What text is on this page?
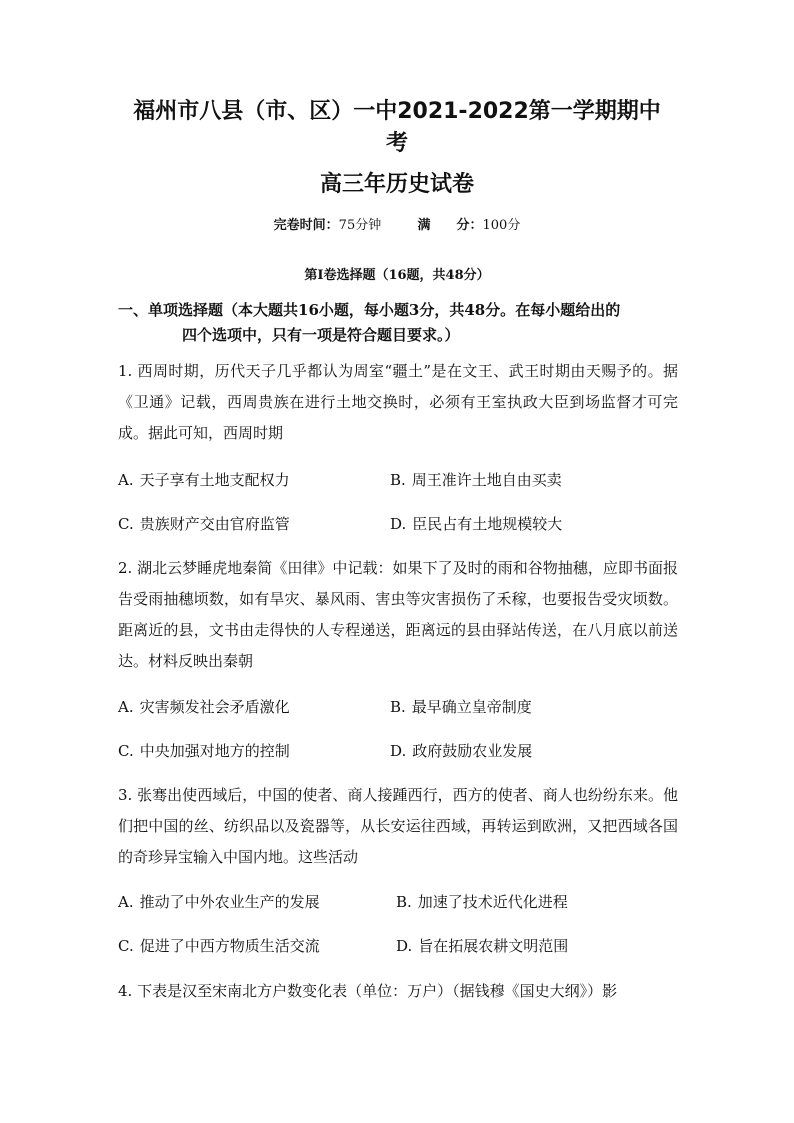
福州市八县（市、区）一中2021-2022第一学期期中
考
高三年历史试卷
完卷时间：75分钟	满　　分：100分
第Ⅰ卷选择题（16题，共48分）
一、单项选择题（本大题共16小题，每小题3分，共48分。在每小题给出的
四个选项中，只有一项是符合题目要求。）
1. 西周时期，历代天子几乎都认为周室“疆土”是在文王、武王时期由天赐予的。据《卫通》记载，西周贵族在进行土地交换时，必须有王室执政大臣到场监督才可完成。据此可知，西周时期
A. 天子享有土地支配权力	B. 周王准许土地自由买卖
C. 贵族财产交由官府监管	D. 臣民占有土地规模较大
2. 湖北云梦睡虎地秦简《田律》中记载：如果下了及时的雨和谷物抽穗，应即书面报告受雨抽穗顷数，如有旱灾、暴风雨、害虫等灾害损伤了禾稼，也要报告受灾顷数。距离近的县，文书由走得快的人专程递送，距离远的县由驿站传送，在八月底以前送达。材料反映出秦朝
A. 灾害频发社会矛盾激化	B. 最早确立皇帝制度
C. 中央加强对地方的控制	D. 政府鼓励农业发展
3. 张骞出使西域后，中国的使者、商人接踵西行，西方的使者、商人也纷纷东来。他们把中国的丝、纺织品以及瓷器等，从长安运往西域，再转运到欧洲，又把西域各国的奇珍异宝输入中国内地。这些活动
A. 推动了中外农业生产的发展	B. 加速了技术近代化进程
C. 促进了中西方物质生活交流	D. 旨在拓展农耕文明范围
4. 下表是汉至宋南北方户数变化表（单位：万户）（据钱穆《国史大纲》）影
